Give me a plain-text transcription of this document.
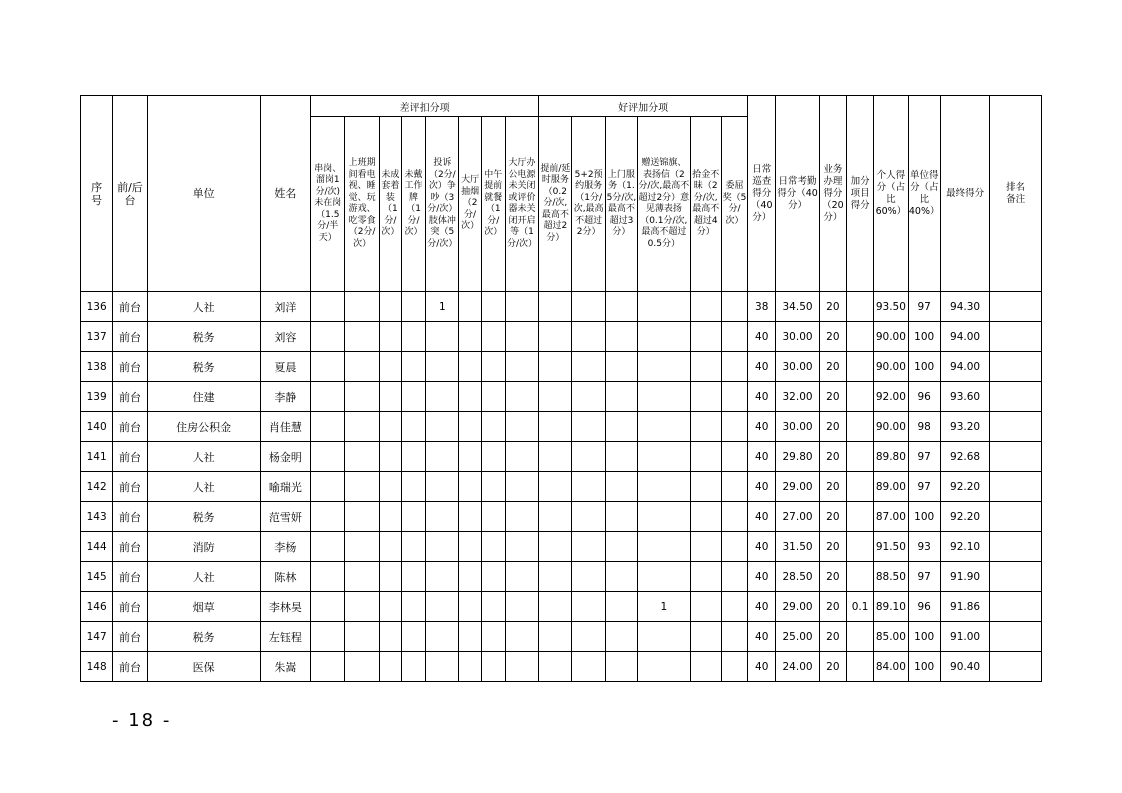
序号	前/后台	单位	姓名	差评扣分项								好评加分项						日常巡查得分（40分）	日常考勤得分（40分）	业务办理得分（20分）	加分项目得分	个人得分（占比60%）	单位得分（占比40%）	最终得分	排名备注
				串岗、溜岗1分/次)未在岗（1.5分/半天）	上班期间看电视、睡觉、玩游戏、吃零食（2分/次）	未成套着装（1分/次）	未戴工作牌（1分/次）	投诉（2分/次）争吵（3分/次）肢体冲突（5分/次）	大厅抽烟（2分/次）	中午提前就餐（1分/次）	大厅办公电源未关闭或评价器未关闭开启等（1分/次）	提前/延时服务（0.2分/次,最高不超过2分）	5+2预约服务（1分/次,最高不超过2分）	上门服务（1.5分/次,最高不超过3分）	赠送锦旗、表扬信（2分/次,最高不超过2分）意见薄表扬（0.1分/次,最高不超过0.5分）	拾金不昧（2分/次,最高不超过4分）	委屈奖（5分/次）								
136	前台	人社	刘洋					1										38	34.50	20		93.50	97	94.30	
137	前台	税务	刘容															40	30.00	20		90.00	100	94.00	
138	前台	税务	夏晨															40	30.00	20		90.00	100	94.00	
139	前台	住建	李静															40	32.00	20		92.00	96	93.60	
140	前台	住房公积金	肖佳慧															40	30.00	20		90.00	98	93.20	
141	前台	人社	杨金明															40	29.80	20		89.80	97	92.68	
142	前台	人社	喻瑞光															40	29.00	20		89.00	97	92.20	
143	前台	税务	范雪妍															40	27.00	20		87.00	100	92.20	
144	前台	消防	李杨															40	31.50	20		91.50	93	92.10	
145	前台	人社	陈林															40	28.50	20		88.50	97	91.90	
146	前台	烟草	李林昊												1			40	29.00	20	0.1	89.10	96	91.86	
147	前台	税务	左钰程															40	25.00	20		85.00	100	91.00	
148	前台	医保	朱嵩															40	24.00	20		84.00	100	90.40	
- 18 -
